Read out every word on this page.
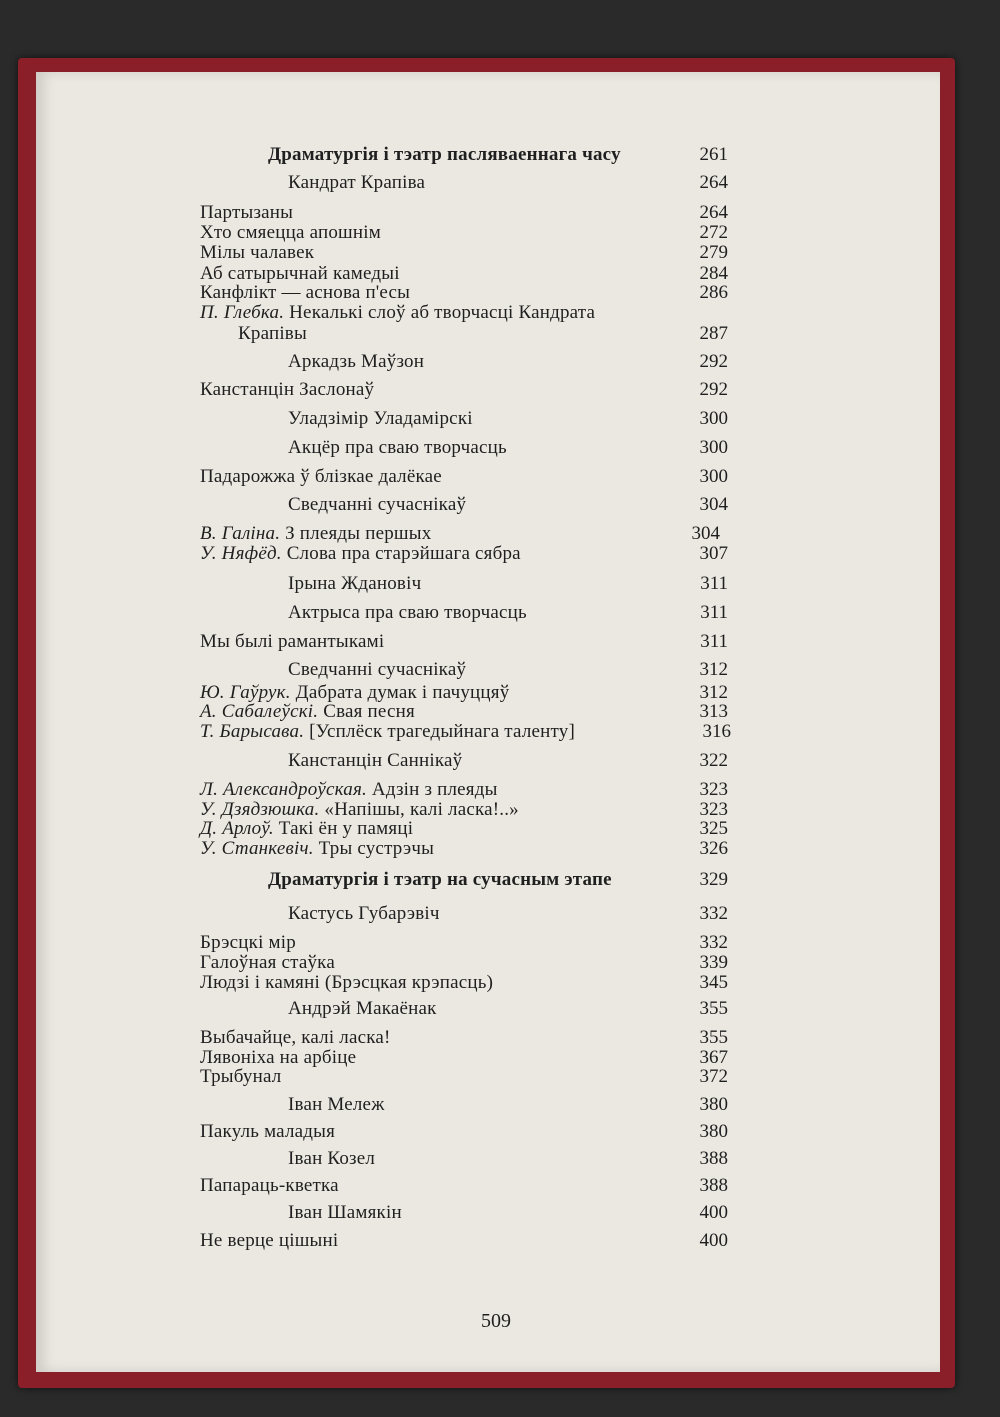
Драматургія і тэатр пасляваеннага часу	261
Кандрат Крапіва	264
Партызаны	264
Хто смяецца апошнім	272
Мілы чалавек	279
Аб сатырычнай камедыі	284
Канфлікт — аснова п'есы	286
П. Глебка. Некалькі слоў аб творчасці Кандрата
Крапівы	287
Аркадзь Маўзон	292
Канстанцін Заслонаў	292
Уладзімір Уладамірскі	300
Акцёр пра сваю творчасць	300
Падарожжа ў блізкае далёкае	300
Сведчанні сучаснікаў	304
В. Галіна. З плеяды першых	304
У. Няфёд. Слова пра старэйшага сябра	307
Ірына Ждановіч	311
Актрыса пра сваю творчасць	311
Мы былі рамантыкамі	311
Сведчанні сучаснікаў	312
Ю. Гаўрук. Дабрата думак і пачуццяў	312
А. Сабалеўскі. Свая песня	313
Т. Барысава. [Усплёск трагедыйнага таленту]	316
Канстанцін Саннікаў	322
Л. Александроўская. Адзін з плеяды	323
У. Дзядзюшка. «Напішы, калі ласка!..»	323
Д. Арлоў. Такі ён у памяці	325
У. Станкевіч. Тры сустрэчы	326
Драматургія і тэатр на сучасным этапе	329
Кастусь Губарэвіч	332
Брэсцкі мір	332
Галоўная стаўка	339
Людзі і камяні (Брэсцкая крэпасць)	345
Андрэй Макаёнак	355
Выбачайце, калі ласка!	355
Лявоніха на арбіце	367
Трыбунал	372
Іван Мележ	380
Пакуль маладыя	380
Іван Козел	388
Папараць-кветка	388
Іван Шамякін	400
Не верце цішыні	400
509
